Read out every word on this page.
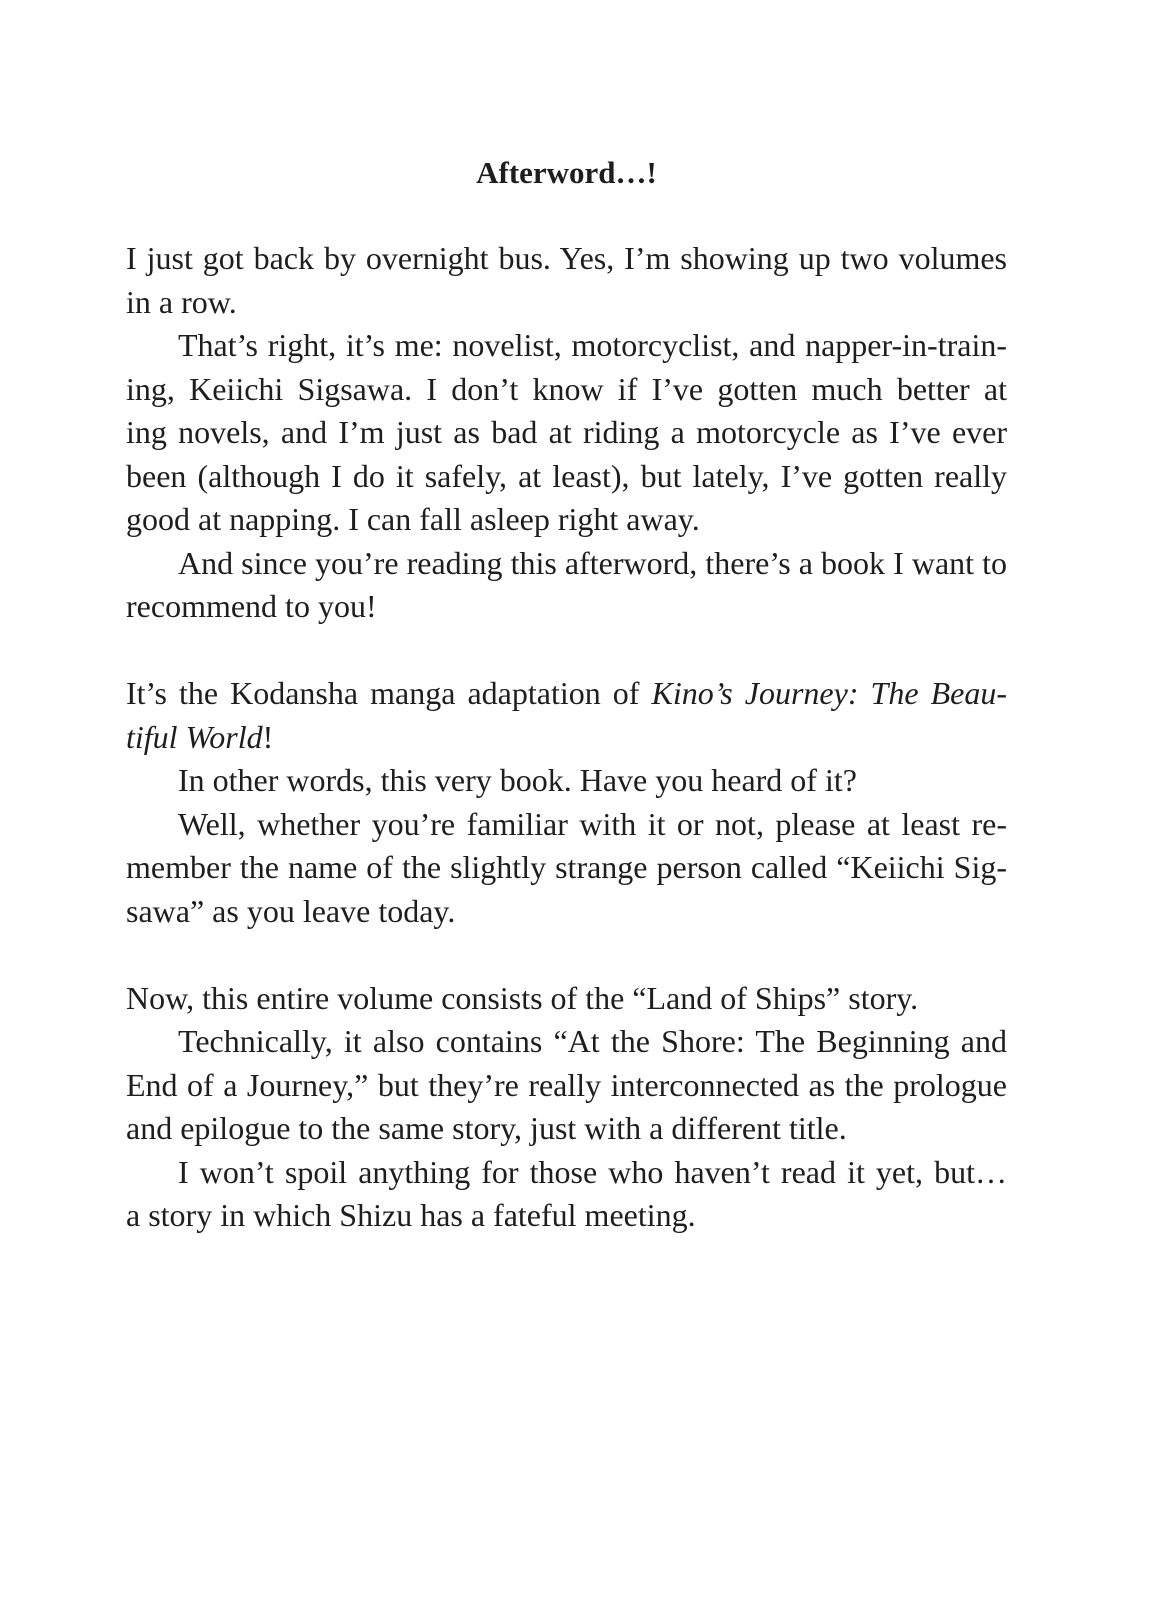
Afterword…!
I just got back by overnight bus. Yes, I’m showing up two volumes
in a row.
That’s right, it’s me: novelist, motorcyclist, and napper-in-train-
ing, Keiichi Sigsawa. I don’t know if I’ve gotten much better at
ing novels, and I’m just as bad at riding a motorcycle as I’ve ever
been (although I do it safely, at least), but lately, I’ve gotten really
good at napping. I can fall asleep right away.
And since you’re reading this afterword, there’s a book I want to
recommend to you!
It’s the Kodansha manga adaptation of Kino’s Journey: The Beau-
tiful World!
In other words, this very book. Have you heard of it?
Well, whether you’re familiar with it or not, please at least re-
member the name of the slightly strange person called “Keiichi Sig-
sawa” as you leave today.
Now, this entire volume consists of the “Land of Ships” story.
Technically, it also contains “At the Shore: The Beginning and
End of a Journey,” but they’re really interconnected as the prologue
and epilogue to the same story, just with a different title.
I won’t spoil anything for those who haven’t read it yet, but…
a story in which Shizu has a fateful meeting.
